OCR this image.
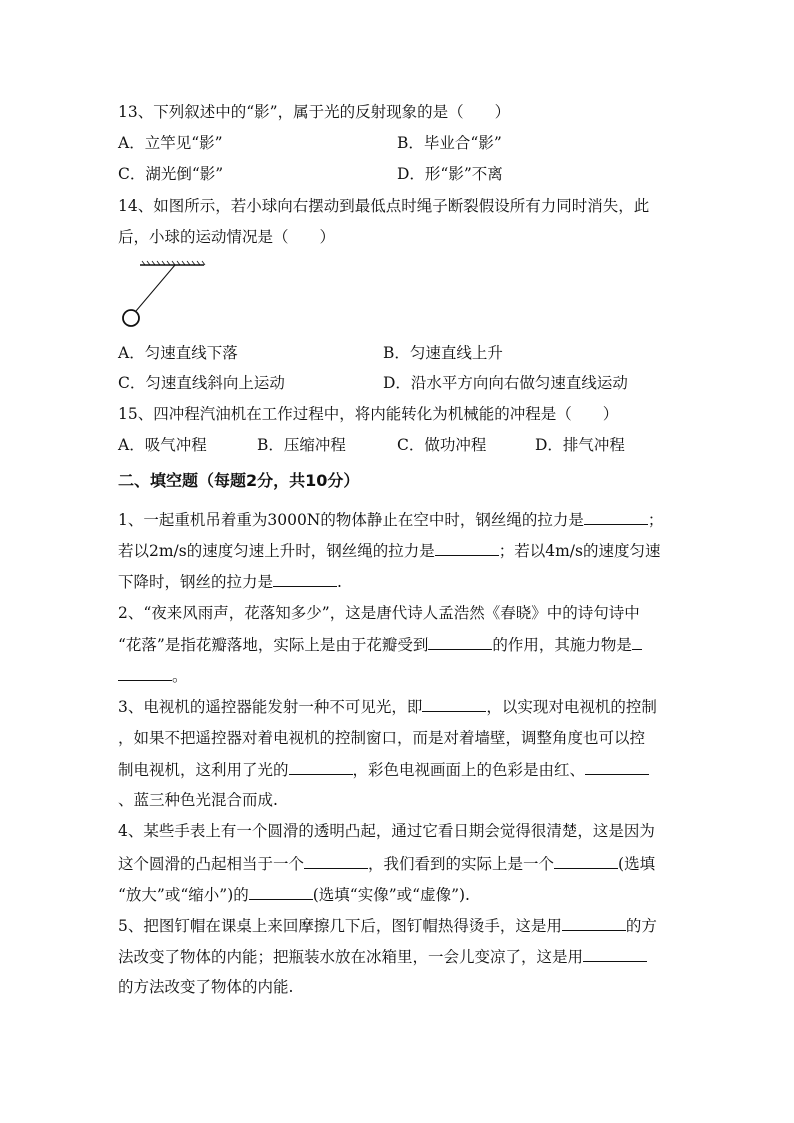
13、下列叙述中的“影”，属于光的反射现象的是（　　）

A．立竿见“影”	B．毕业合“影”

C．湖光倒“影”	D．形“影”不离

14、如图所示，若小球向右摆动到最低点时绳子断裂假设所有力同时消失，此

后，小球的运动情况是（　　）

A．匀速直线下落	B．匀速直线上升

C．匀速直线斜向上运动	D．沿水平方向向右做匀速直线运动

15、四冲程汽油机在工作过程中，将内能转化为机械能的冲程是（　　）

A．吸气冲程	B．压缩冲程	C．做功冲程	D．排气冲程

二、填空题（每题2分，共10分）

1、一起重机吊着重为3000N的物体静止在空中时，钢丝绳的拉力是	；

若以2m/s的速度匀速上升时，钢丝绳的拉力是	；若以4m/s的速度匀速

下降时，钢丝的拉力是	.

2、“夜来风雨声，花落知多少”，这是唐代诗人孟浩然《春晓》中的诗句诗中

“花落”是指花瓣落地，实际上是由于花瓣受到	的作用，其施力物是

。

3、电视机的遥控器能发射一种不可见光，即	，以实现对电视机的控制

，如果不把遥控器对着电视机的控制窗口，而是对着墙壁，调整角度也可以控

制电视机，这利用了光的	，彩色电视画面上的色彩是由红、

、蓝三种色光混合而成.

4、某些手表上有一个圆滑的透明凸起，通过它看日期会觉得很清楚，这是因为

这个圆滑的凸起相当于一个	，我们看到的实际上是一个	(选填

“放大”或“缩小”)的	(选填“实像”或“虚像”).

5、把图钉帽在课桌上来回摩擦几下后，图钉帽热得烫手，这是用	的方

法改变了物体的内能；把瓶装水放在冰箱里，一会儿变凉了，这是用

的方法改变了物体的内能.
